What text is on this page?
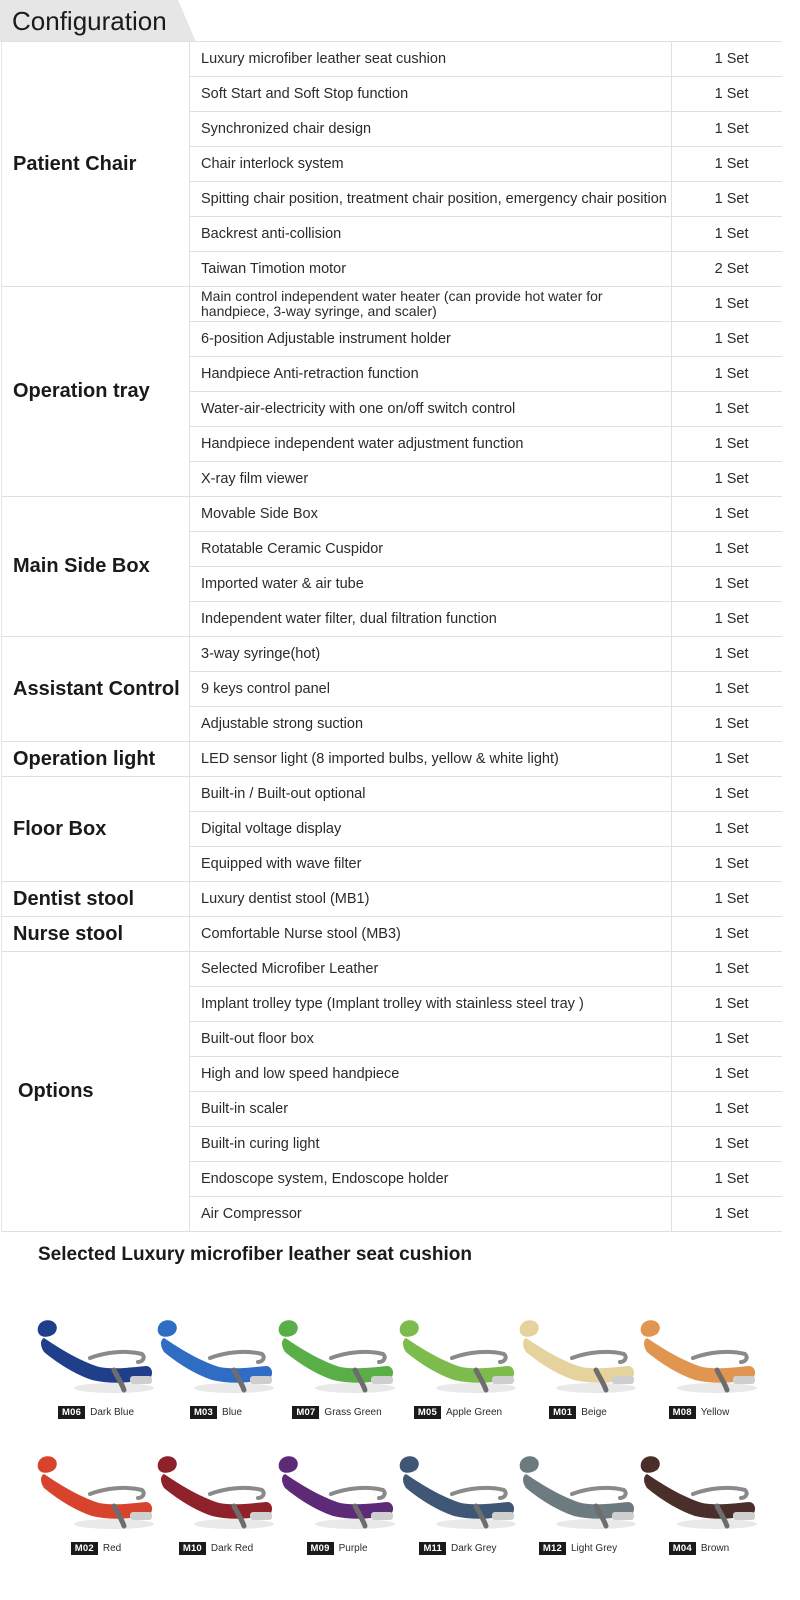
Configuration
Patient Chair	Luxury microfiber leather seat cushion	1 Set
	Soft Start and Soft Stop function	1 Set
	Synchronized chair design	1 Set
	Chair interlock system	1 Set
	Spitting chair position, treatment chair position, emergency chair position	1 Set
	Backrest anti-collision	1 Set
	Taiwan Timotion motor	2 Set
Operation tray	Main control independent water heater (can provide hot water for handpiece, 3-way syringe, and scaler)	1 Set
	6-position Adjustable instrument holder	1 Set
	Handpiece Anti-retraction function	1 Set
	Water-air-electricity with one on/off switch control	1 Set
	Handpiece independent water adjustment function	1 Set
	X-ray film viewer	1 Set
Main Side Box	Movable Side Box	1 Set
	Rotatable Ceramic Cuspidor	1 Set
	Imported water & air tube	1 Set
	Independent water filter, dual filtration function	1 Set
Assistant Control	3-way syringe(hot)	1 Set
	9 keys control panel	1 Set
	Adjustable strong suction	1 Set
Operation light	LED sensor light (8 imported bulbs, yellow & white light)	1 Set
Floor Box	Built-in / Built-out optional	1 Set
	Digital voltage display	1 Set
	Equipped with wave filter	1 Set
Dentist stool	Luxury dentist stool (MB1)	1 Set
Nurse stool	Comfortable Nurse stool (MB3)	1 Set
Options	Selected Microfiber Leather	1 Set
	Implant trolley type (Implant trolley with stainless steel tray )	1 Set
	Built-out floor box	1 Set
	High and low speed handpiece	1 Set
	Built-in scaler	1 Set
	Built-in curing light	1 Set
	Endoscope system, Endoscope holder	1 Set
	Air Compressor	1 Set
Selected Luxury microfiber leather seat cushion
M06 Dark Blue	M03 Blue	M07 Grass Green	M05 Apple Green	M01 Beige	M08 Yellow
M02 Red	M10 Dark Red	M09 Purple	M11 Dark Grey	M12 Light Grey	M04 Brown
